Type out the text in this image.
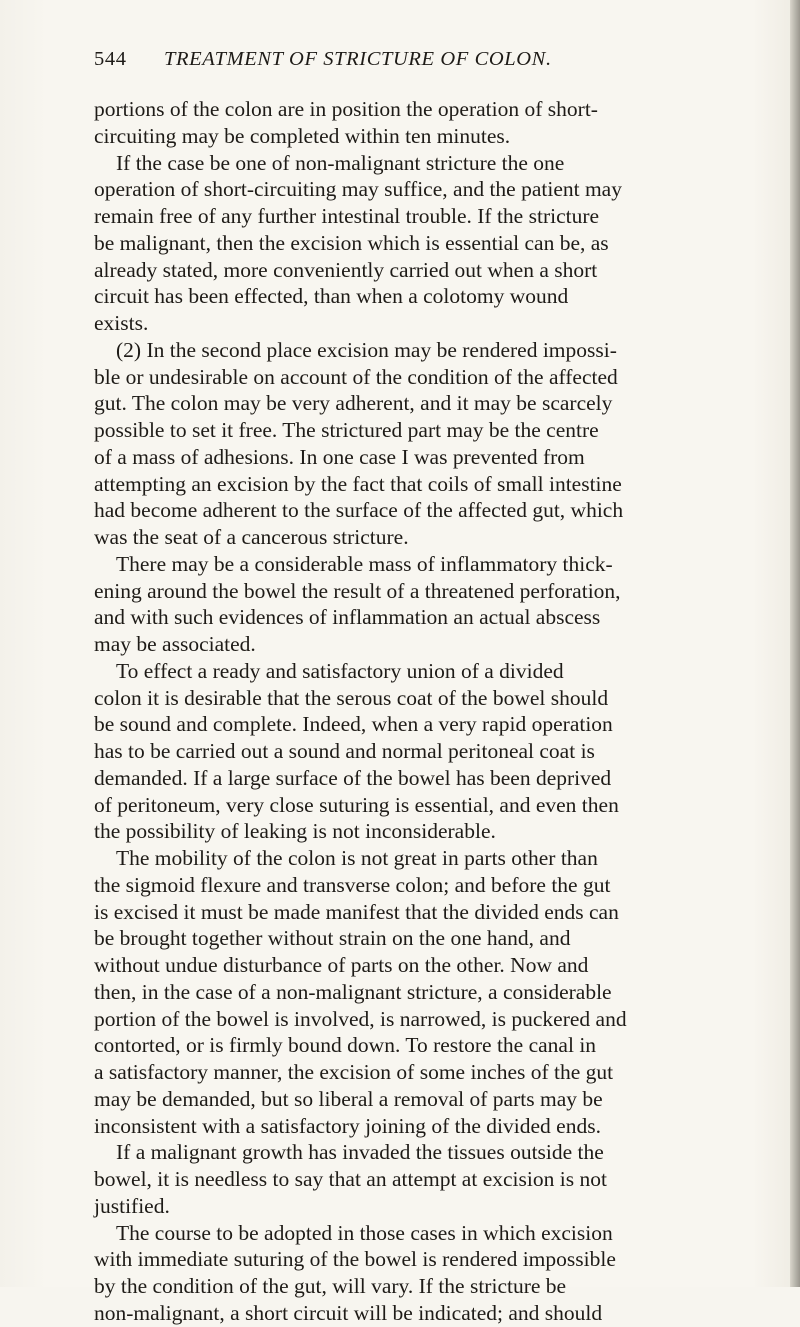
544 TREATMENT OF STRICTURE OF COLON.
portions of the colon are in position the operation of short-
circuiting may be completed within ten minutes.
If the case be one of non-malignant stricture the one
operation of short-circuiting may suffice, and the patient may
remain free of any further intestinal trouble. If the stricture
be malignant, then the excision which is essential can be, as
already stated, more conveniently carried out when a short
circuit has been effected, than when a colotomy wound
exists.
(2) In the second place excision may be rendered impossi-
ble or undesirable on account of the condition of the affected
gut. The colon may be very adherent, and it may be scarcely
possible to set it free. The strictured part may be the centre
of a mass of adhesions. In one case I was prevented from
attempting an excision by the fact that coils of small intestine
had become adherent to the surface of the affected gut, which
was the seat of a cancerous stricture.
There may be a considerable mass of inflammatory thick-
ening around the bowel the result of a threatened perforation,
and with such evidences of inflammation an actual abscess
may be associated.
To effect a ready and satisfactory union of a divided
colon it is desirable that the serous coat of the bowel should
be sound and complete. Indeed, when a very rapid operation
has to be carried out a sound and normal peritoneal coat is
demanded. If a large surface of the bowel has been deprived
of peritoneum, very close suturing is essential, and even then
the possibility of leaking is not inconsiderable.
The mobility of the colon is not great in parts other than
the sigmoid flexure and transverse colon; and before the gut
is excised it must be made manifest that the divided ends can
be brought together without strain on the one hand, and
without undue disturbance of parts on the other. Now and
then, in the case of a non-malignant stricture, a considerable
portion of the bowel is involved, is narrowed, is puckered and
contorted, or is firmly bound down. To restore the canal in
a satisfactory manner, the excision of some inches of the gut
may be demanded, but so liberal a removal of parts may be
inconsistent with a satisfactory joining of the divided ends.
If a malignant growth has invaded the tissues outside the
bowel, it is needless to say that an attempt at excision is not
justified.
The course to be adopted in those cases in which excision
with immediate suturing of the bowel is rendered impossible
by the condition of the gut, will vary. If the stricture be
non-malignant, a short circuit will be indicated; and should
